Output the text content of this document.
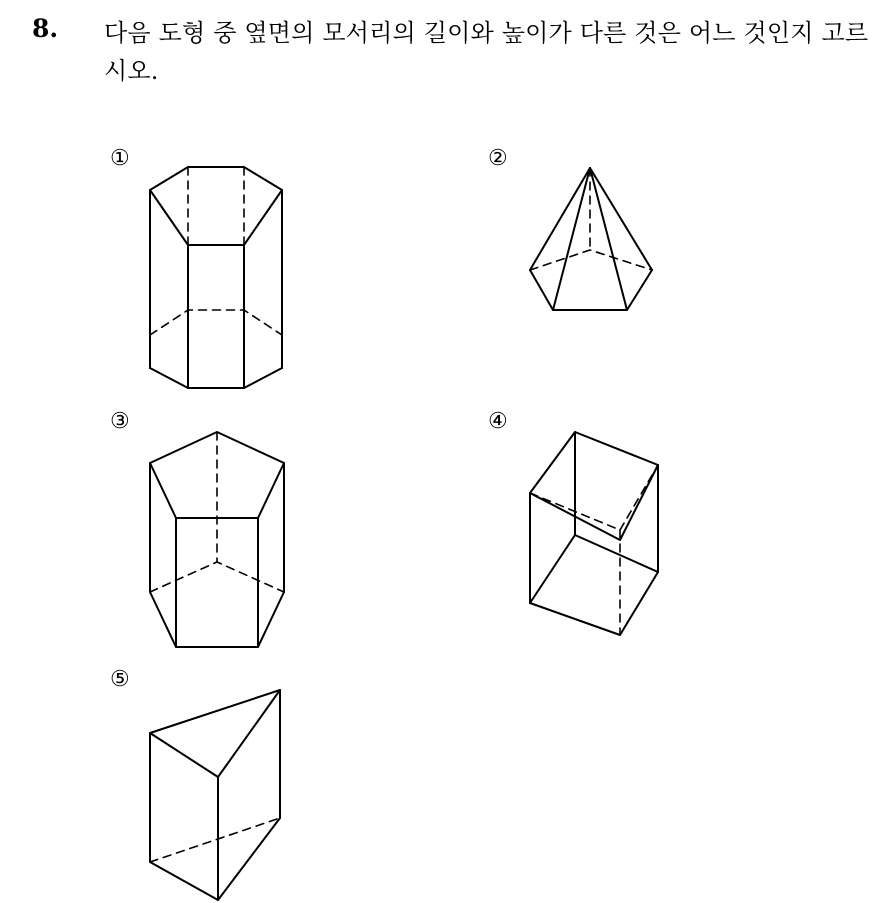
8. 다음 도형 중 옆면의 모서리의 길이와 높이가 다른 것은 어느 것인지 고르시오.
①	②
③	④
⑤
